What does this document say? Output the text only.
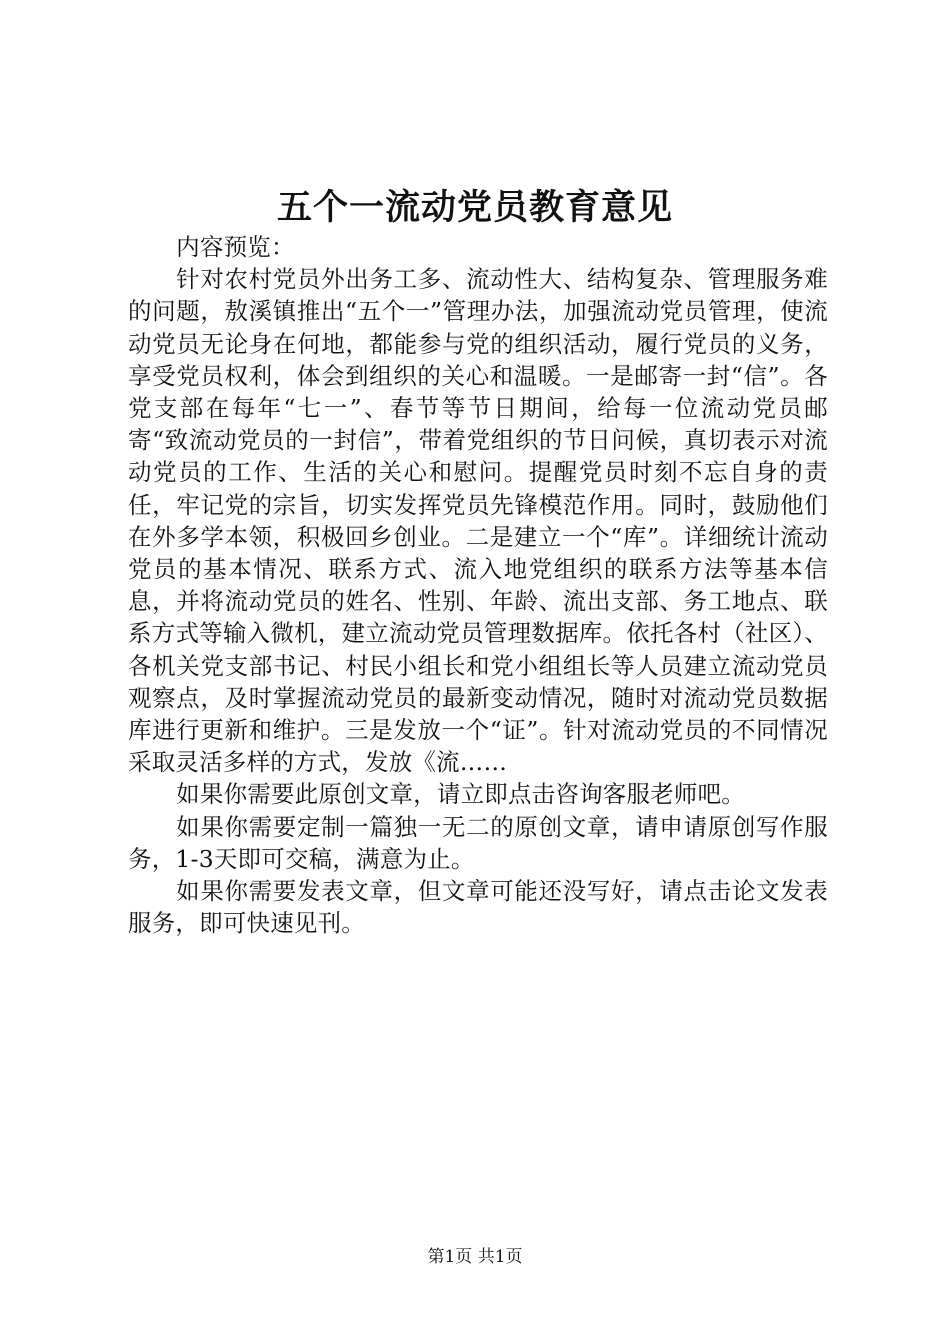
五个一流动党员教育意见

内容预览：

针对农村党员外出务工多、流动性大、结构复杂、管理服务难的问题，敖溪镇推出“五个一”管理办法，加强流动党员管理，使流动党员无论身在何地，都能参与党的组织活动，履行党员的义务，享受党员权利，体会到组织的关心和温暖。一是邮寄一封“信”。各党支部在每年“七一”、春节等节日期间，给每一位流动党员邮寄“致流动党员的一封信”，带着党组织的节日问候，真切表示对流动党员的工作、生活的关心和慰问。提醒党员时刻不忘自身的责任，牢记党的宗旨，切实发挥党员先锋模范作用。同时，鼓励他们在外多学本领，积极回乡创业。二是建立一个“库”。详细统计流动党员的基本情况、联系方式、流入地党组织的联系方法等基本信息，并将流动党员的姓名、性别、年龄、流出支部、务工地点、联系方式等输入微机，建立流动党员管理数据库。依托各村（社区）、各机关党支部书记、村民小组长和党小组组长等人员建立流动党员观察点，及时掌握流动党员的最新变动情况，随时对流动党员数据库进行更新和维护。三是发放一个“证”。针对流动党员的不同情况采取灵活多样的方式，发放《流……

如果你需要此原创文章，请立即点击咨询客服老师吧。

如果你需要定制一篇独一无二的原创文章，请申请原创写作服务，1-3天即可交稿，满意为止。

如果你需要发表文章，但文章可能还没写好，请点击论文发表服务，即可快速见刊。

第1页 共1页
